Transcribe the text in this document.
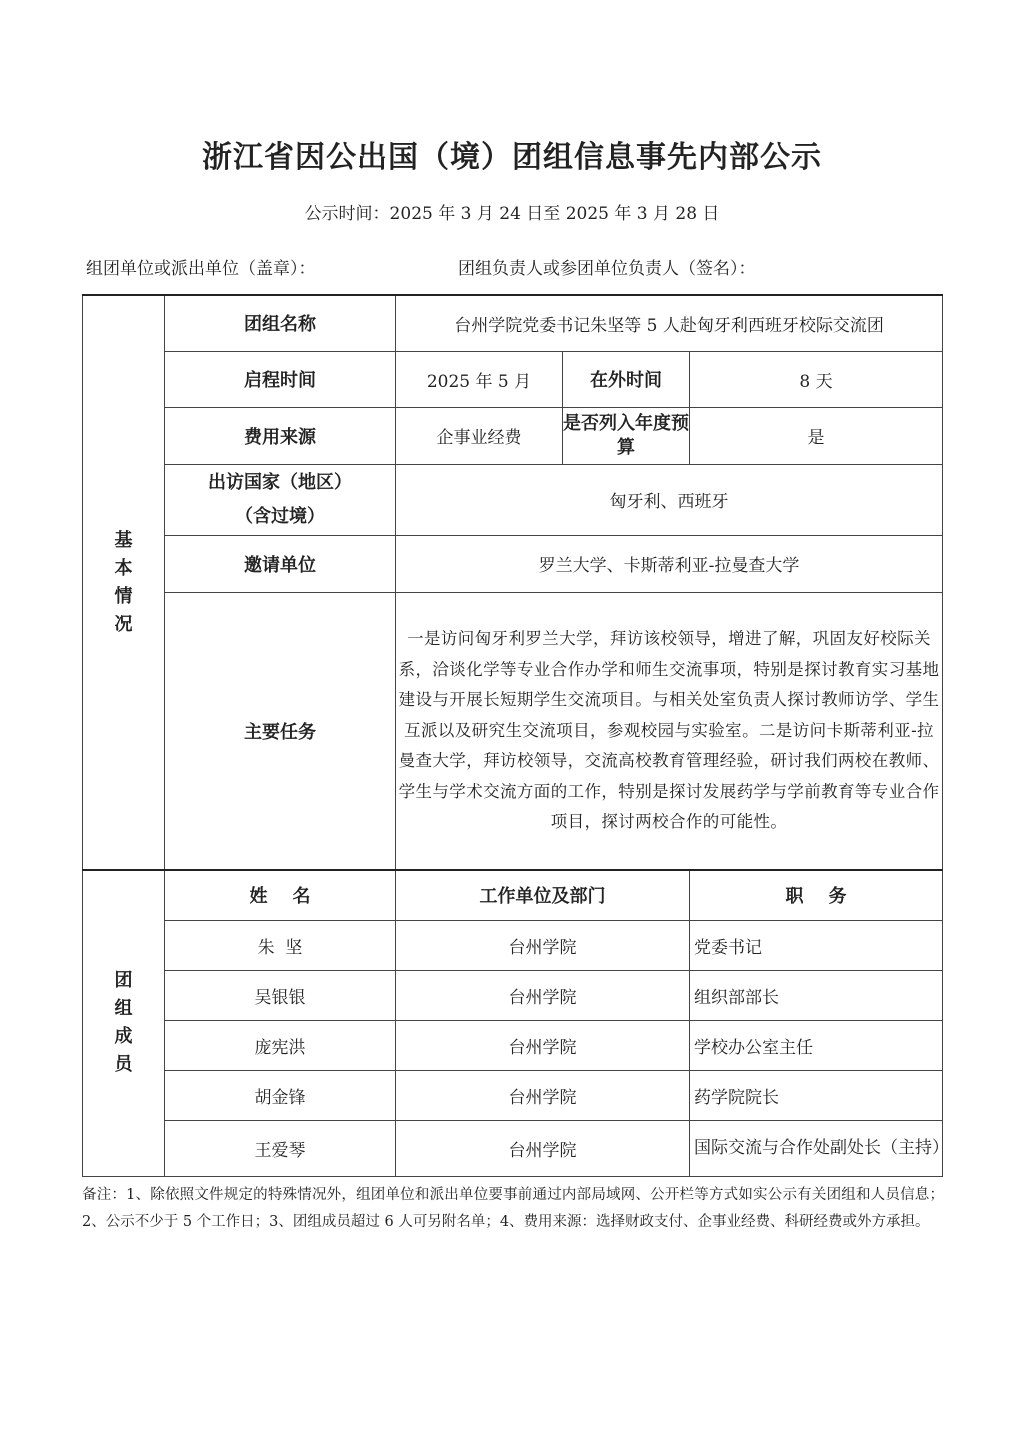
浙江省因公出国（境）团组信息事先内部公示
公示时间：2025 年 3 月 24 日至 2025 年 3 月 28 日
组团单位或派出单位（盖章）：	团组负责人或参团单位负责人（签名）：
基本情况	团组名称	台州学院党委书记朱坚等 5 人赴匈牙利西班牙校际交流团		
	启程时间	2025 年 5 月	在外时间	8 天
	费用来源	企事业经费	是否列入年度预算	是

	出访国家（地区）
（含过境）	匈牙利、西班牙		
	邀请单位	罗兰大学、卡斯蒂利亚-拉曼查大学		
	主要任务	一是访问匈牙利罗兰大学，拜访该校领导，增进了解，巩固友好校际关系，洽谈化学等专业合作办学和师生交流事项，特别是探讨教育实习基地建设与开展长短期学生交流项目。与相关处室负责人探讨教师访学、学生互派以及研究生交流项目，参观校园与实验室。二是访问卡斯蒂利亚-拉曼查大学，拜访校领导，交流高校教育管理经验，研讨我们两校在教师、学生与学术交流方面的工作，特别是探讨发展药学与学前教育等专业合作项目，探讨两校合作的可能性。		
团组成员	姓    名	工作单位及部门		职    务
	朱  坚	台州学院		党委书记
	吴银银	台州学院		组织部部长
	庞宪洪	台州学院		学校办公室主任
	胡金锋	台州学院		药学院院长
	王爱琴	台州学院		国际交流与合作处副处长（主持）
备注：1、除依照文件规定的特殊情况外，组团单位和派出单位要事前通过内部局域网、公开栏等方式如实公示有关团组和人员信息；2、公示不少于 5 个工作日；3、团组成员超过 6 人可另附名单；4、费用来源：选择财政支付、企事业经费、科研经费或外方承担。
